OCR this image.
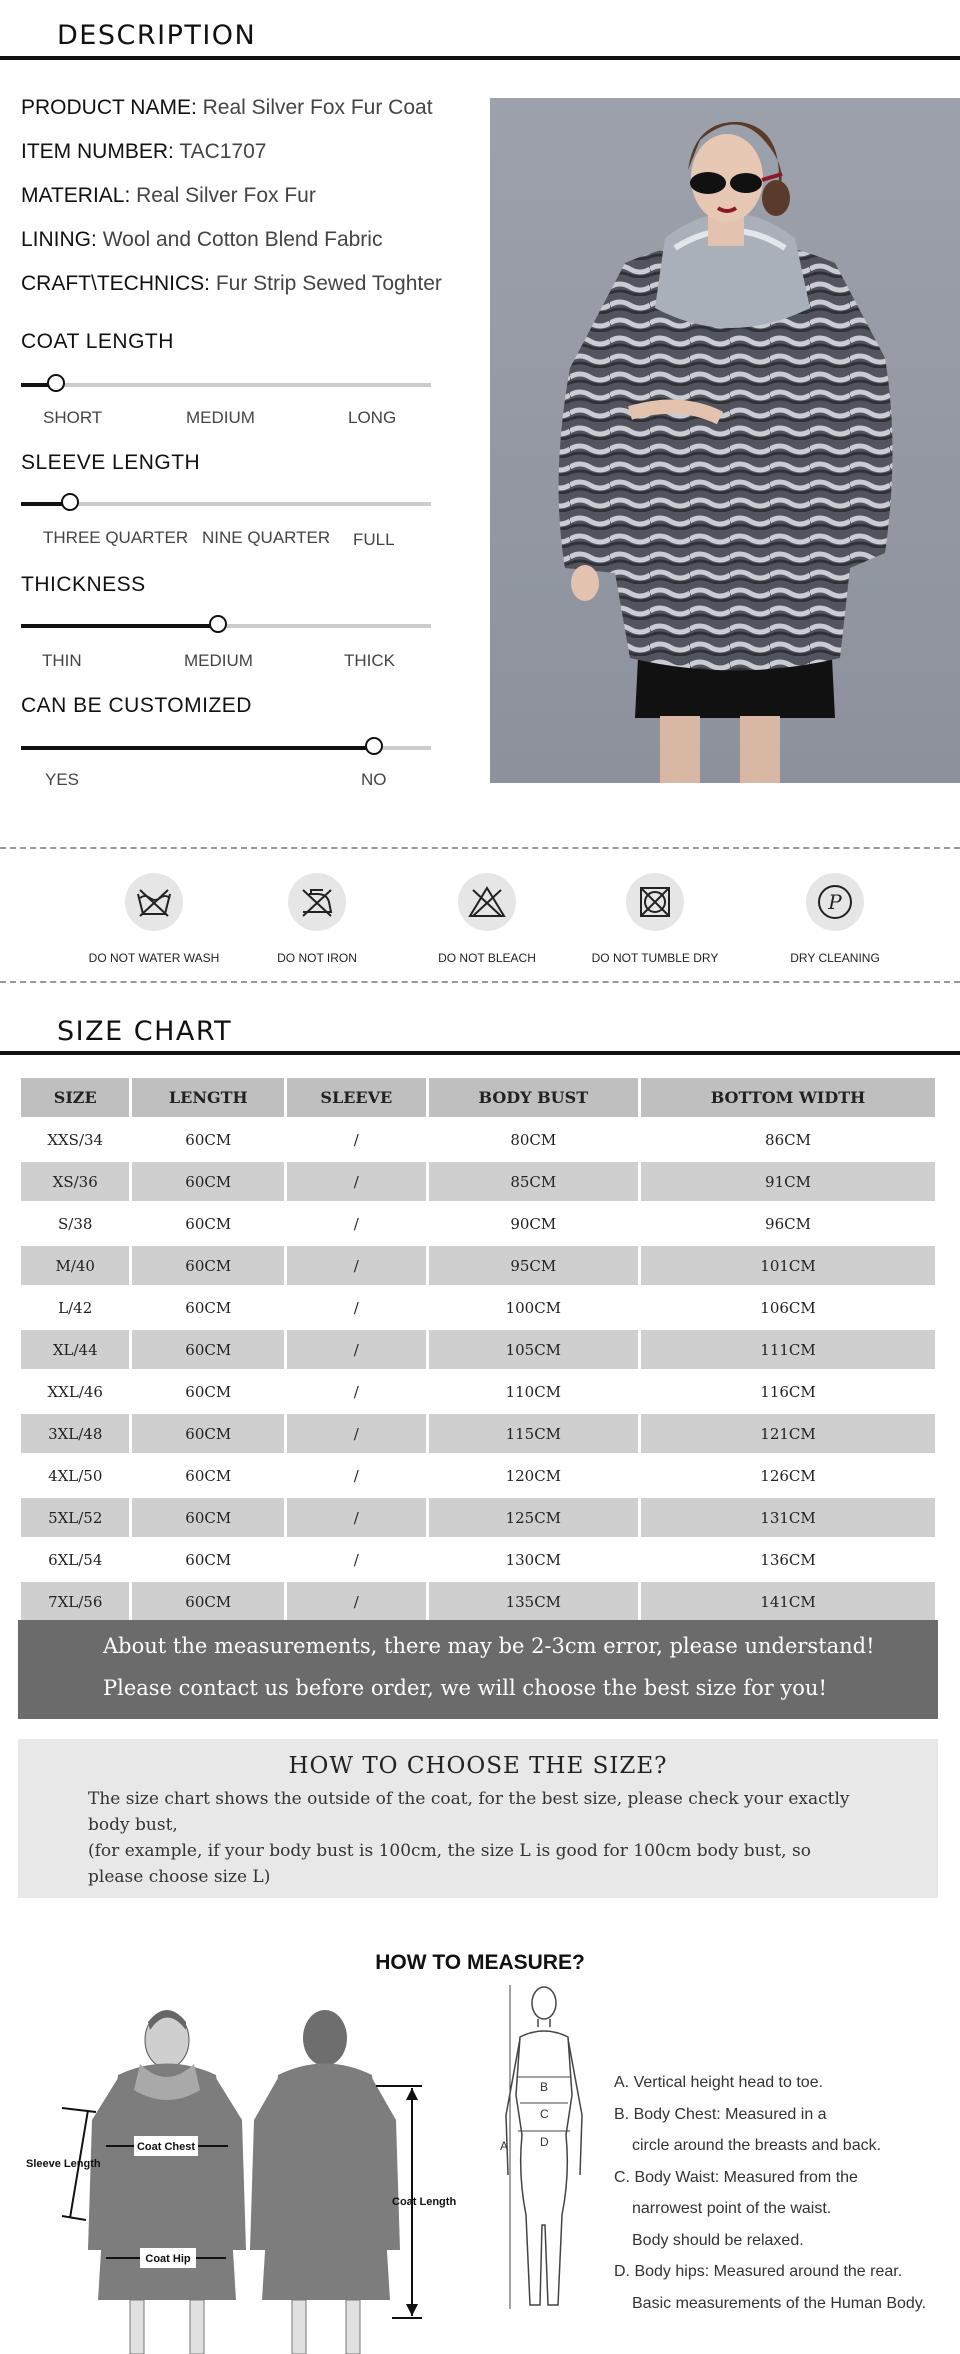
DESCRIPTION
PRODUCT NAME: Real Silver Fox Fur Coat
ITEM NUMBER: TAC1707
MATERIAL: Real Silver Fox Fur
LINING: Wool and Cotton Blend Fabric
CRAFT\TECHNICS: Fur Strip Sewed Toghter
COAT LENGTH
SHORT	MEDIUM	LONG
SLEEVE LENGTH
THREE QUARTER NINE QUARTER FULL
THICKNESS
THIN	MEDIUM	THICK
CAN BE CUSTOMIZED
YES	NO
DO NOT WATER WASH	DO NOT IRON	DO NOT BLEACH	DO NOT TUMBLE DRY
P
DRY CLEANING
SIZE CHART
SIZE	LENGTH	SLEEVE	BODY BUST	BOTTOM WIDTH
XXS/34	60CM	/	80CM	86CM
XS/36	60CM	/	85CM	91CM
S/38	60CM	/	90CM	96CM
M/40	60CM	/	95CM	101CM
L/42	60CM	/	100CM	106CM
XL/44	60CM	/	105CM	111CM
XXL/46	60CM	/	110CM	116CM
3XL/48	60CM	/	115CM	121CM
4XL/50	60CM	/	120CM	126CM
5XL/52	60CM	/	125CM	131CM
6XL/54	60CM	/	130CM	136CM
7XL/56	60CM	/	135CM	141CM
About the measurements, there may be 2-3cm error, please understand!
Please contact us before order, we will choose the best size for you!
HOW TO CHOOSE THE SIZE?
The size chart shows the outside of the coat, for the best size, please check your exactly
body bust,
(for example, if your body bust is 100cm, the size L is good for 100cm body bust, so
please choose size L)
HOW TO MEASURE?
Sleeve Length
Coat Chest
Coat Hip
Coat Length
A
B
C
D
A. Vertical height head to toe.
B. Body Chest: Measured in a
circle around the breasts and back.
C. Body Waist: Measured from the
narrowest point of the waist.
Body should be relaxed.
D. Body hips: Measured around the rear.
Basic measurements of the Human Body.
